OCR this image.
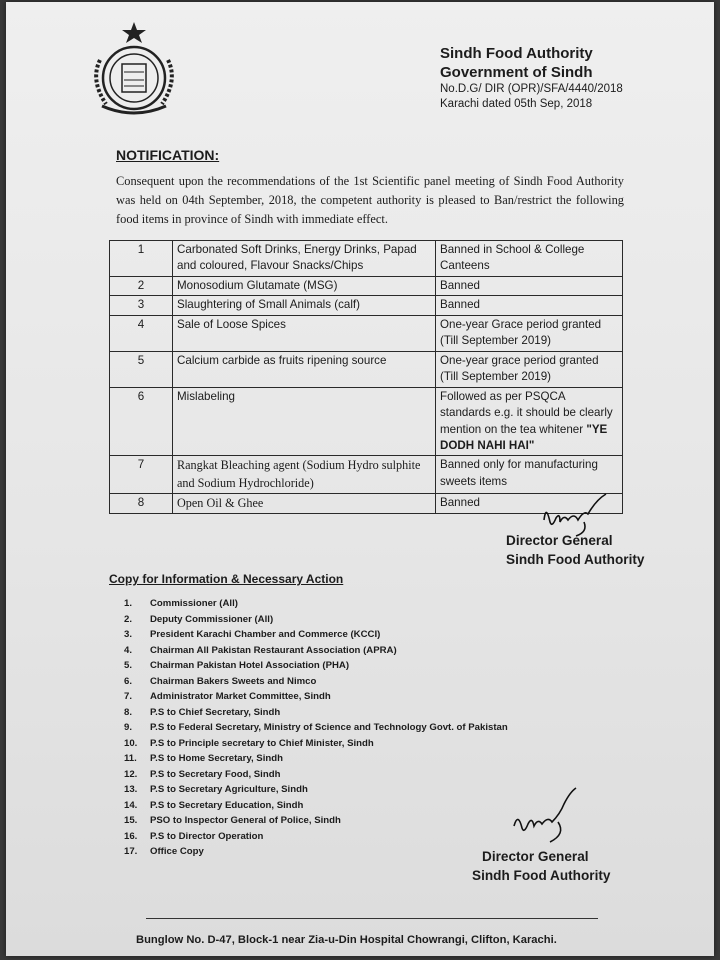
Sindh Food Authority
Government of Sindh
No.D.G/ DIR (OPR)/SFA/4440/2018
Karachi dated 05th Sep, 2018
NOTIFICATION:
Consequent upon the recommendations of the 1st Scientific panel meeting of Sindh Food Authority was held on 04th September, 2018, the competent authority is pleased to Ban/restrict the following food items in province of Sindh with immediate effect.
1	Carbonated Soft Drinks, Energy Drinks, Papad and coloured, Flavour Snacks/Chips	Banned in School & College Canteens
2	Monosodium Glutamate (MSG)	Banned
3	Slaughtering of Small Animals (calf)	Banned
4	Sale of Loose Spices	One-year Grace period granted (Till September 2019)
5	Calcium carbide as fruits ripening source	One-year grace period granted (Till September 2019)
6	Mislabeling	Followed as per PSQCA standards e.g. it should be clearly mention on the tea whitener "YE DODH NAHI HAI"
7	Rangkat Bleaching agent (Sodium Hydro sulphite and Sodium Hydrochloride)	Banned only for manufacturing sweets items
8	Open Oil & Ghee	Banned
Director General
Sindh Food Authority
Copy for Information & Necessary Action
1. Commissioner (All)
2. Deputy Commissioner (All)
3. President Karachi Chamber and Commerce (KCCI)
4. Chairman All Pakistan Restaurant Association (APRA)
5. Chairman Pakistan Hotel Association (PHA)
6. Chairman Bakers Sweets and Nimco
7. Administrator Market Committee, Sindh
8. P.S to Chief Secretary, Sindh
9. P.S to Federal Secretary, Ministry of Science and Technology Govt. of Pakistan
10. P.S to Principle secretary to Chief Minister, Sindh
11. P.S to Home Secretary, Sindh
12. P.S to Secretary Food, Sindh
13. P.S to Secretary Agriculture, Sindh
14. P.S to Secretary Education, Sindh
15. PSO to Inspector General of Police, Sindh
16. P.S to Director Operation
17. Office Copy	Director General
Sindh Food Authority
Bunglow No. D-47, Block-1 near Zia-u-Din Hospital Chowrangi, Clifton, Karachi.
